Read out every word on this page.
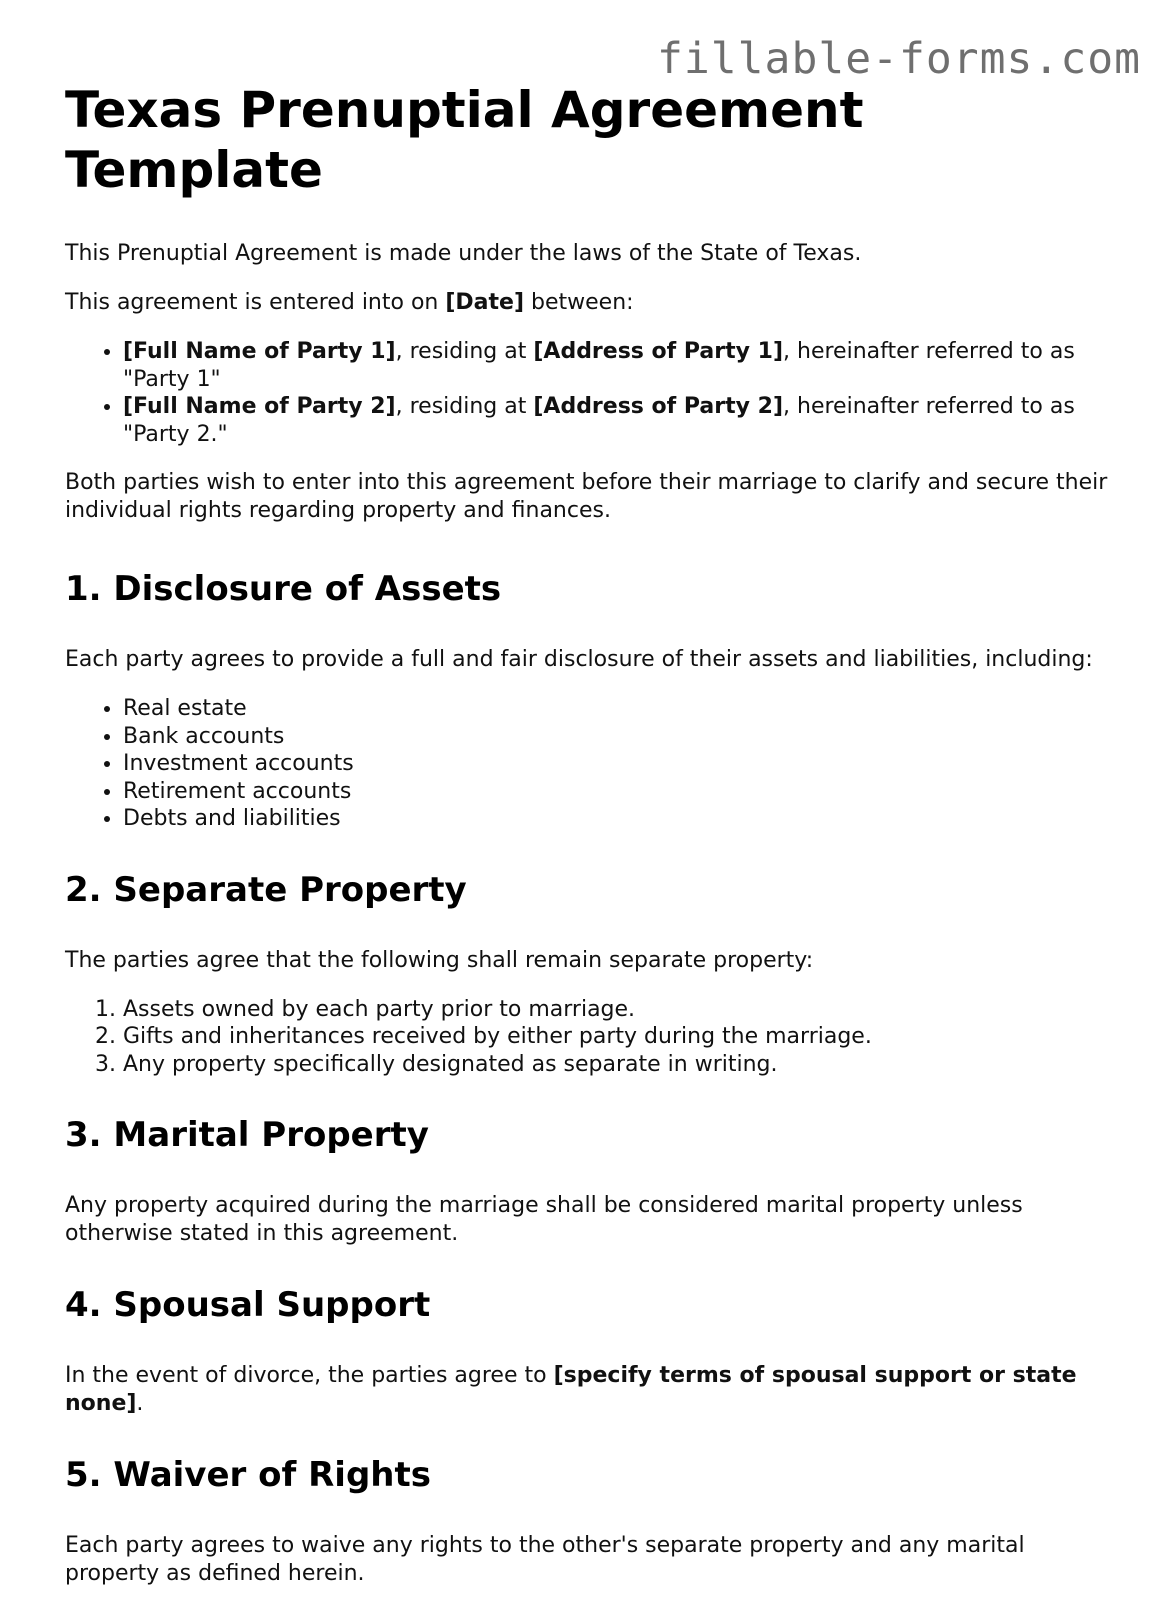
fillable-forms.com
Texas Prenuptial Agreement Template

This Prenuptial Agreement is made under the laws of the State of Texas.

This agreement is entered into on [Date] between:

• [Full Name of Party 1], residing at [Address of Party 1], hereinafter referred to as "Party 1"
• [Full Name of Party 2], residing at [Address of Party 2], hereinafter referred to as "Party 2."

Both parties wish to enter into this agreement before their marriage to clarify and secure their individual rights regarding property and finances.

1. Disclosure of Assets

Each party agrees to provide a full and fair disclosure of their assets and liabilities, including:

• Real estate
• Bank accounts
• Investment accounts
• Retirement accounts
• Debts and liabilities
2. Separate Property

The parties agree that the following shall remain separate property:

1. Assets owned by each party prior to marriage.
2. Gifts and inheritances received by either party during the marriage.
3. Any property specifically designated as separate in writing.
3. Marital Property

Any property acquired during the marriage shall be considered marital property unless otherwise stated in this agreement.

4. Spousal Support

In the event of divorce, the parties agree to [specify terms of spousal support or state none].

5. Waiver of Rights

Each party agrees to waive any rights to the other's separate property and any marital property as defined herein.
